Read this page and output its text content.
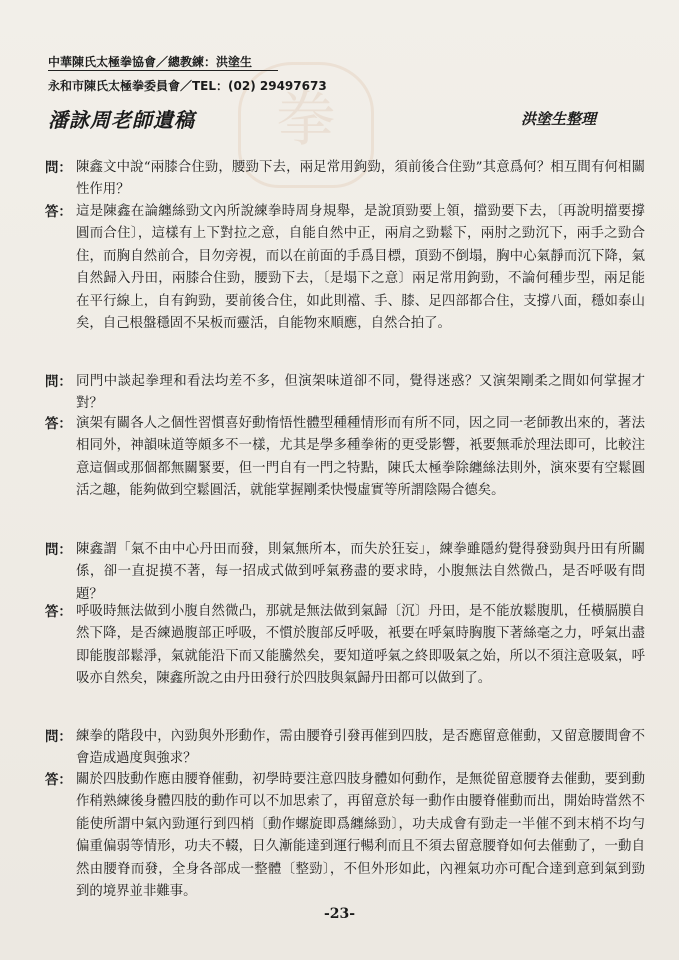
拳
中華陳氏太極拳協會／總教練：洪塗生
永和市陳氏太極拳委員會／TEL：(02) 29497673
潘詠周老師遺稿	洪塗生整理
問： 陳鑫文中說“兩膝合住勁，腰勁下去，兩足常用鉤勁，須前後合住勁”其意爲何？相互間有何相關性作用？
答： 這是陳鑫在論纏絲勁文內所說練拳時周身規舉，是說頂勁要上領，擋勁要下去，〔再說明擋要撐圓而合住〕，這樣有上下對拉之意，自能自然中正，兩肩之勁鬆下，兩肘之勁沉下，兩手之勁合住，而胸自然前合，目勿旁視，而以在前面的手爲目標，頂勁不倒塌，胸中心氣靜而沉下降，氣自然歸入丹田，兩膝合住勁，腰勁下去，〔是塌下之意〕兩足常用鉤勁，不論何種步型，兩足能在平行線上，自有鉤勁，要前後合住，如此則襠、手、膝、足四部都合住，支撐八面，穩如泰山矣，自己根盤穩固不呆板而靈活，自能物來順應，自然合拍了。
問： 同門中談起拳理和看法均差不多，但演架味道卻不同，覺得迷惑？又演架剛柔之間如何掌握才對？
答： 演架有關各人之個性習慣喜好動惰悟性體型種種情形而有所不同，因之同一老師教出來的，著法相同外，神韻味道等頗多不一樣，尤其是學多種拳術的更受影響，衹要無乖於理法即可，比較注意這個或那個都無關緊要，但一門自有一門之特點，陳氏太極拳除纏絲法則外，演來要有空鬆圓活之趣，能夠做到空鬆圓活，就能掌握剛柔快慢虛實等所謂陰陽合德矣。
問： 陳鑫謂「氣不由中心丹田而發，則氣無所本，而失於狂妄」，練拳雖隱約覺得發勁與丹田有所關係，卻一直捉摸不著，每一招成式做到呼氣務盡的要求時，小腹無法自然微凸，是否呼吸有問題？
答： 呼吸時無法做到小腹自然微凸，那就是無法做到氣歸〔沉〕丹田，是不能放鬆腹肌，任橫膈膜自然下降，是否練過腹部正呼吸，不慣於腹部反呼吸，衹要在呼氣時胸腹下著絲毫之力，呼氣出盡即能腹部鬆淨，氣就能沿下而又能騰然矣，要知道呼氣之終即吸氣之始，所以不須注意吸氣，呼吸亦自然矣，陳鑫所說之由丹田發行於四肢與氣歸丹田都可以做到了。
問： 練拳的階段中，內勁與外形動作，需由腰脊引發再催到四肢，是否應留意催動，又留意腰間會不會造成過度與強求？
答： 關於四肢動作應由腰脊催動，初學時要注意四肢身體如何動作，是無從留意腰脊去催動，要到動作稍熟練後身體四肢的動作可以不加思索了，再留意於每一動作由腰脊催動而出，開始時當然不能使所謂中氣內勁運行到四梢〔動作螺旋即爲纏絲勁〕，功夫成會有勁走一半催不到末梢不均勻偏重偏弱等情形，功夫不輟，日久漸能達到運行暢利而且不須去留意腰脊如何去催動了，一動自然由腰脊而發，全身各部成一整體〔整勁〕，不但外形如此，內裡氣功亦可配合達到意到氣到勁到的境界並非難事。
-23-
